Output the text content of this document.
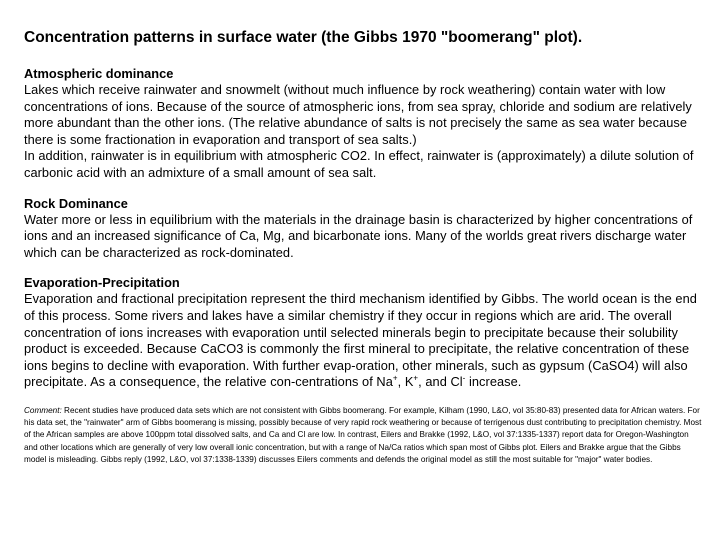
Concentration patterns in surface water (the Gibbs 1970 "boomerang" plot).
Atmospheric dominance
Lakes which receive rainwater and snowmelt (without much influence by rock weathering) contain water with low concentrations of ions. Because of the source of atmospheric ions, from sea spray, chloride and sodium are relatively more abundant than the other ions. (The relative abundance of salts is not precisely the same as sea water because there is some fractionation in evaporation and transport of sea salts.)
In addition, rainwater is in equilibrium with atmospheric CO2. In effect, rainwater is (approximately) a dilute solution of carbonic acid with an admixture of a small amount of sea salt.
Rock Dominance
Water more or less in equilibrium with the materials in the drainage basin is characterized by higher concentrations of ions and an increased significance of Ca, Mg, and bicarbonate ions. Many of the worlds great rivers discharge water which can be characterized as rock-dominated.
Evaporation-Precipitation
Evaporation and fractional precipitation represent the third mechanism identified by Gibbs. The world ocean is the end of this process. Some rivers and lakes have a similar chemistry if they occur in regions which are arid. The overall concentration of ions increases with evaporation until selected minerals begin to precipitate because their solubility product is exceeded. Because CaCO3 is commonly the first mineral to precipitate, the relative concentration of these ions begins to decline with evaporation. With further evap-oration, other minerals, such as gypsum (CaSO4) will also precipitate. As a consequence, the relative con-centrations of Na+, K+, and Cl- increase.
Comment: Recent studies have produced data sets which are not consistent with Gibbs boomerang. For example, Kilham (1990, L&O, vol 35:80-83) presented data for African waters. For his data set, the "rainwater" arm of Gibbs boomerang is missing, possibly because of very rapid rock weathering or because of terrigenous dust contributing to precipitation chemistry. Most of the African samples are above 100ppm total dissolved salts, and Ca and Cl are low. In contrast, Eilers and Brakke (1992, L&O, vol 37:1335-1337) report data for Oregon-Washington and other locations which are generally of very low overall ionic concentration, but with a range of Na/Ca ratios which span most of Gibbs plot. Eilers and Brakke argue that the Gibbs model is misleading. Gibbs reply (1992, L&O, vol 37:1338-1339) discusses Eilers comments and defends the original model as still the most suitable for "major" water bodies.
